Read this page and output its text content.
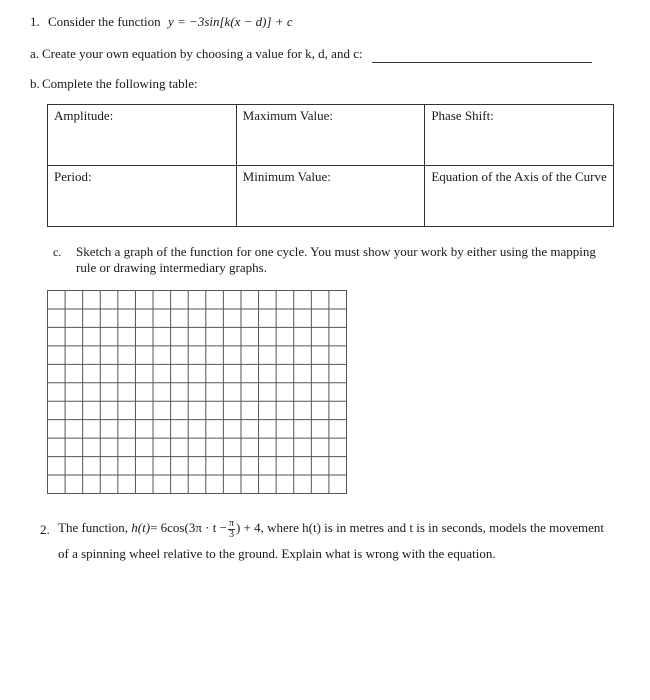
1. Consider the function y = −3sin[k(x − d)] + c
a. Create your own equation by choosing a value for k, d, and c:
b. Complete the following table:
Amplitude:	Maximum Value:	Phase Shift:
Period:	Minimum Value:	Equation of the Axis of the Curve
c. Sketch a graph of the function for one cycle. You must show your work by either using the mapping
rule or drawing intermediary graphs.
2. The function, $h(t)= 6\cos(3\pi \cdot t - \frac{\pi}{3}$ ) + 4, where h(t) is in metres and t is in seconds, models the movement
of a spinning wheel relative to the ground. Explain what is wrong with the equation.
